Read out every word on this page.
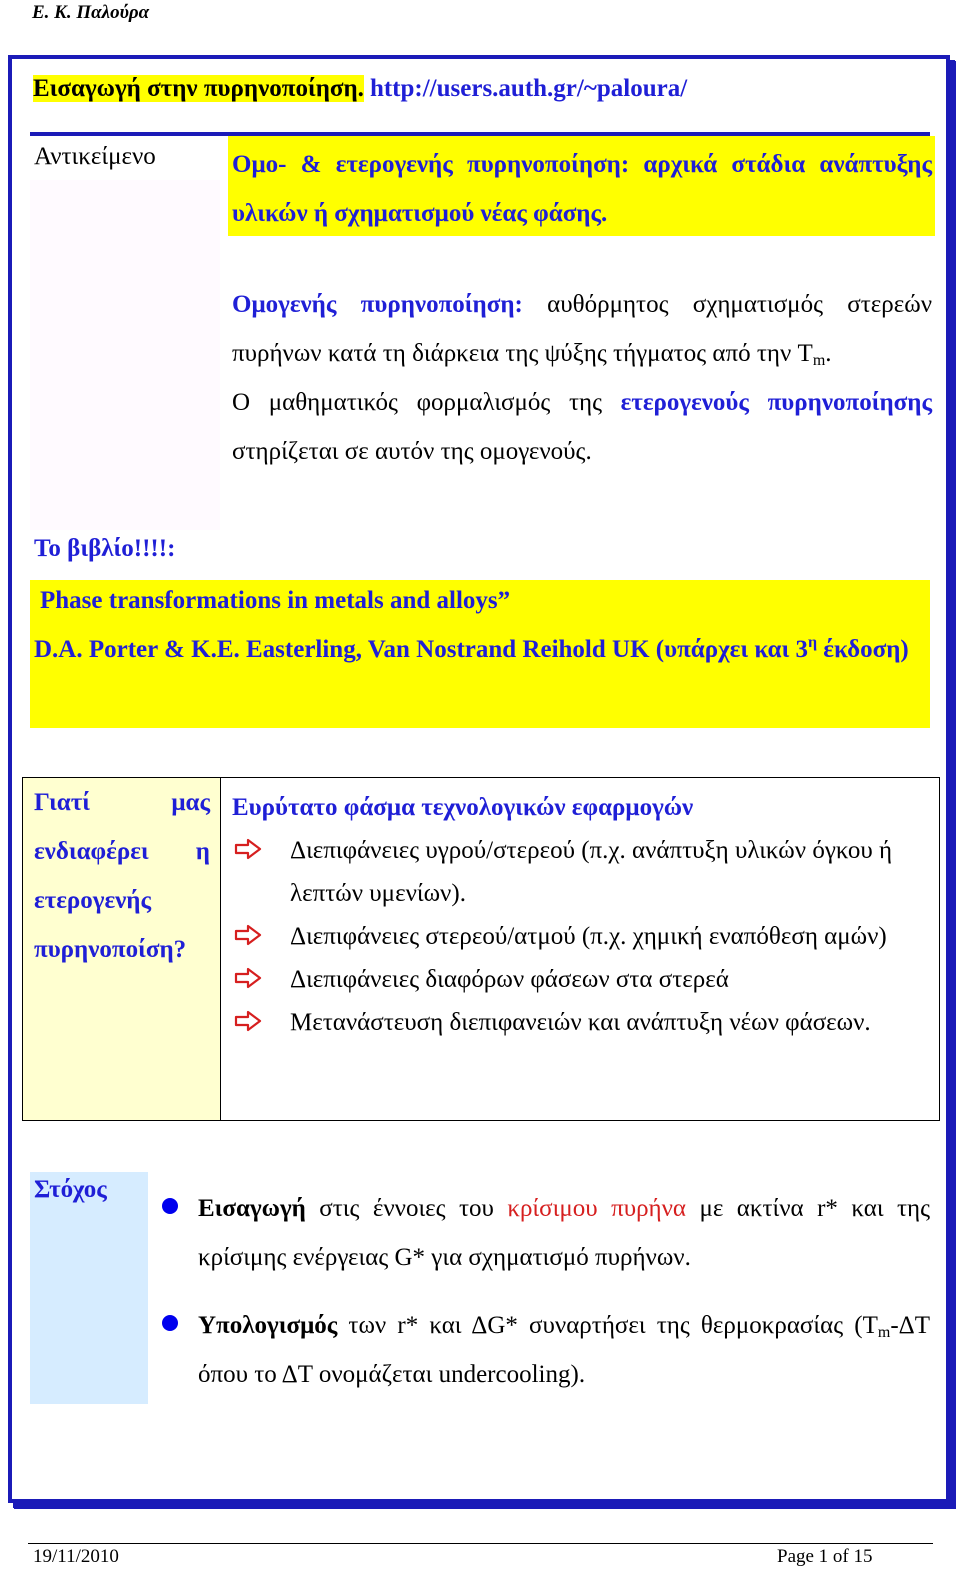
Ε. Κ. Παλούρα
Εισαγωγή στην πυρηνοποίηση. http://users.auth.gr/~paloura/
Αντικείμενο	Ομο- & ετερογενής πυρηνοποίηση: αρχικά στάδια ανάπτυξης υλικών ή σχηματισμού νέας φάσης.

Ομογενής πυρηνοποίηση: αυθόρμητος σχηματισμός στερεών πυρήνων κατά τη διάρκεια της ψύξης τήγματος από την $T_m$.

Ο μαθηματικός φορμαλισμός της ετερογενούς πυρηνοποίησης στηρίζεται σε αυτόν της ομογενούς.

Το βιβλίο!!!!:
Phase transformations in metals and alloys”
D.A. Porter & K.E. Easterling, Van Nostrand Reihold UK (υπάρχει και $3^\eta$ έκδοση)
Γιατί μας ενδιαφέρει η ετερογενής πυρηνοποίση?
Ευρύτατο φάσμα τεχνολογικών εφαρμογών
Διεπιφάνειες υγρού/στερεού (π.χ. ανάπτυξη υλικών όγκου ή λεπτών υμενίων).
Διεπιφάνειες στερεού/ατμού (π.χ. χημική εναπόθεση αμών)
Διεπιφάνειες διαφόρων φάσεων στα στερεά
Μετανάστευση διεπιφανειών και ανάπτυξη νέων φάσεων.
Στόχος
Εισαγωγή στις έννοιες του κρίσιμου πυρήνα με ακτίνα r* και της κρίσιμης ενέργειας G* για σχηματισμό πυρήνων.
Υπολογισμός των r* και ΔG* συναρτήσει της θερμοκρασίας ($T_m-\Delta T$ όπου το ΔT ονομάζεται undercooling).
19/11/2010	Page 1 of 15
